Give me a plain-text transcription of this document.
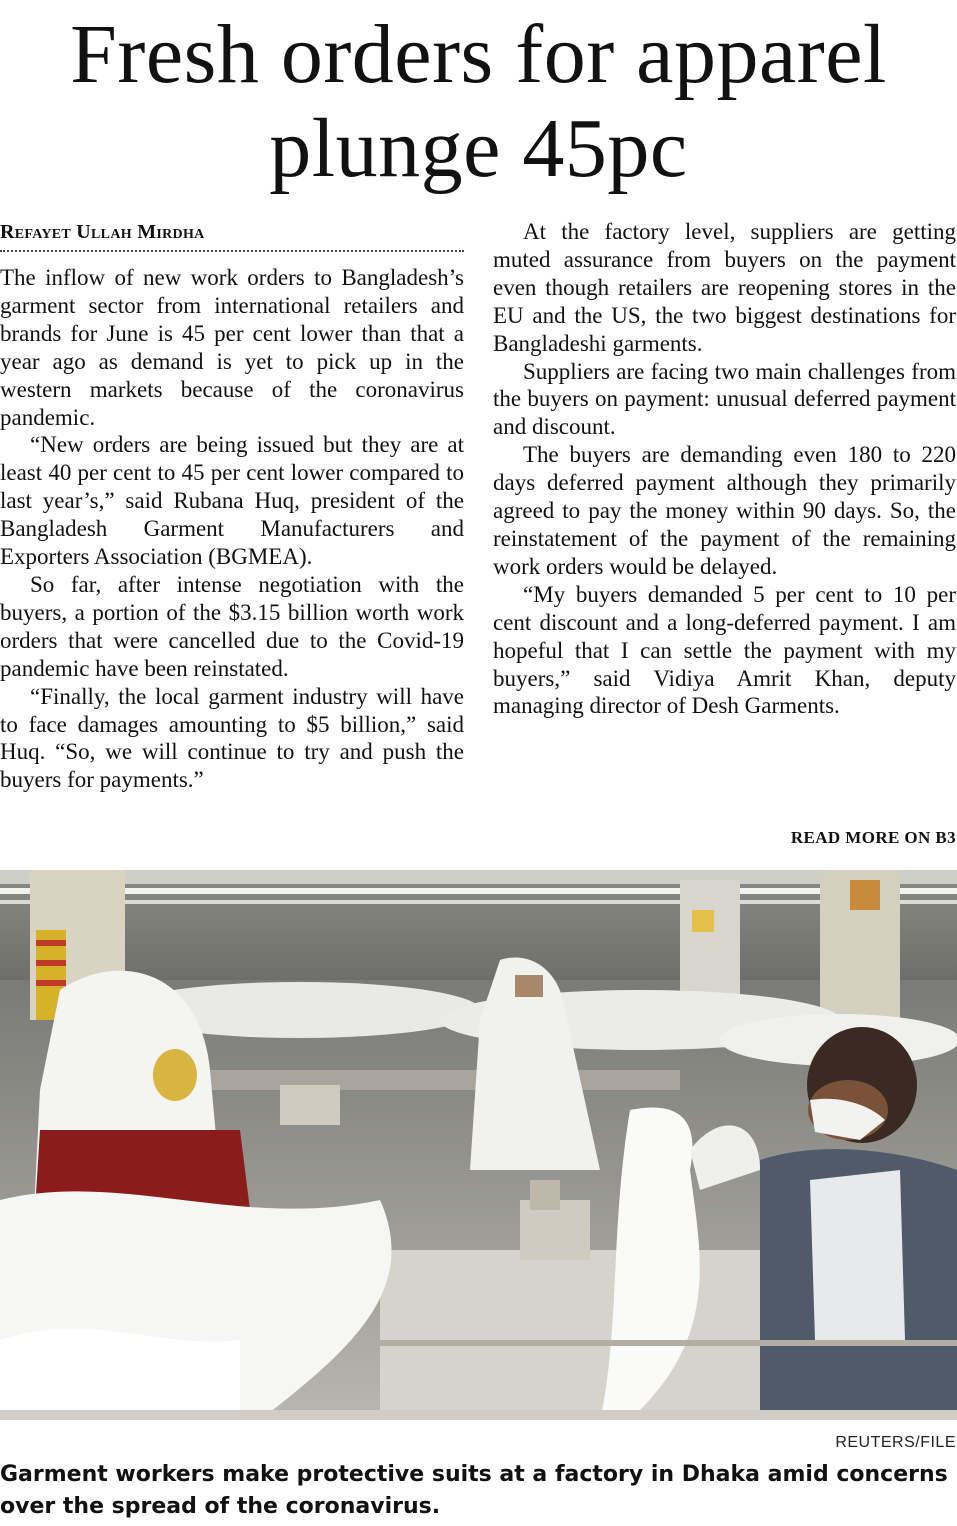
Fresh orders for apparel plunge 45pc
Refayet Ullah Mirdha

The inflow of new work orders to Bangladesh’s garment sector from international retailers and brands for June is 45 per cent lower than that a year ago as demand is yet to pick up in the western markets because of the coronavirus pandemic.

“New orders are being issued but they are at least 40 per cent to 45 per cent lower compared to last year’s,” said Rubana Huq, president of the Bangladesh Garment Manufacturers and Exporters Association (BGMEA).

So far, after intense negotiation with the buyers, a portion of the $3.15 billion worth work orders that were cancelled due to the Covid-19 pandemic have been reinstated.

“Finally, the local garment industry will have to face damages amounting to $5 billion,” said Huq. “So, we will continue to try and push the buyers for payments.”

At the factory level, suppliers are getting muted assurance from buyers on the payment even though retailers are reopening stores in the EU and the US, the two biggest destinations for Bangladeshi garments.

Suppliers are facing two main challenges from the buyers on payment: unusual deferred payment and discount.

The buyers are demanding even 180 to 220 days deferred payment although they primarily agreed to pay the money within 90 days. So, the reinstatement of the payment of the remaining work orders would be delayed.

“My buyers demanded 5 per cent to 10 per cent discount and a long-deferred payment. I am hopeful that I can settle the payment with my buyers,” said Vidiya Amrit Khan, deputy managing director of Desh Garments.

READ MORE ON B3
REUTERS/FILE
Garment workers make protective suits at a factory in Dhaka amid concerns over the spread of the coronavirus.
